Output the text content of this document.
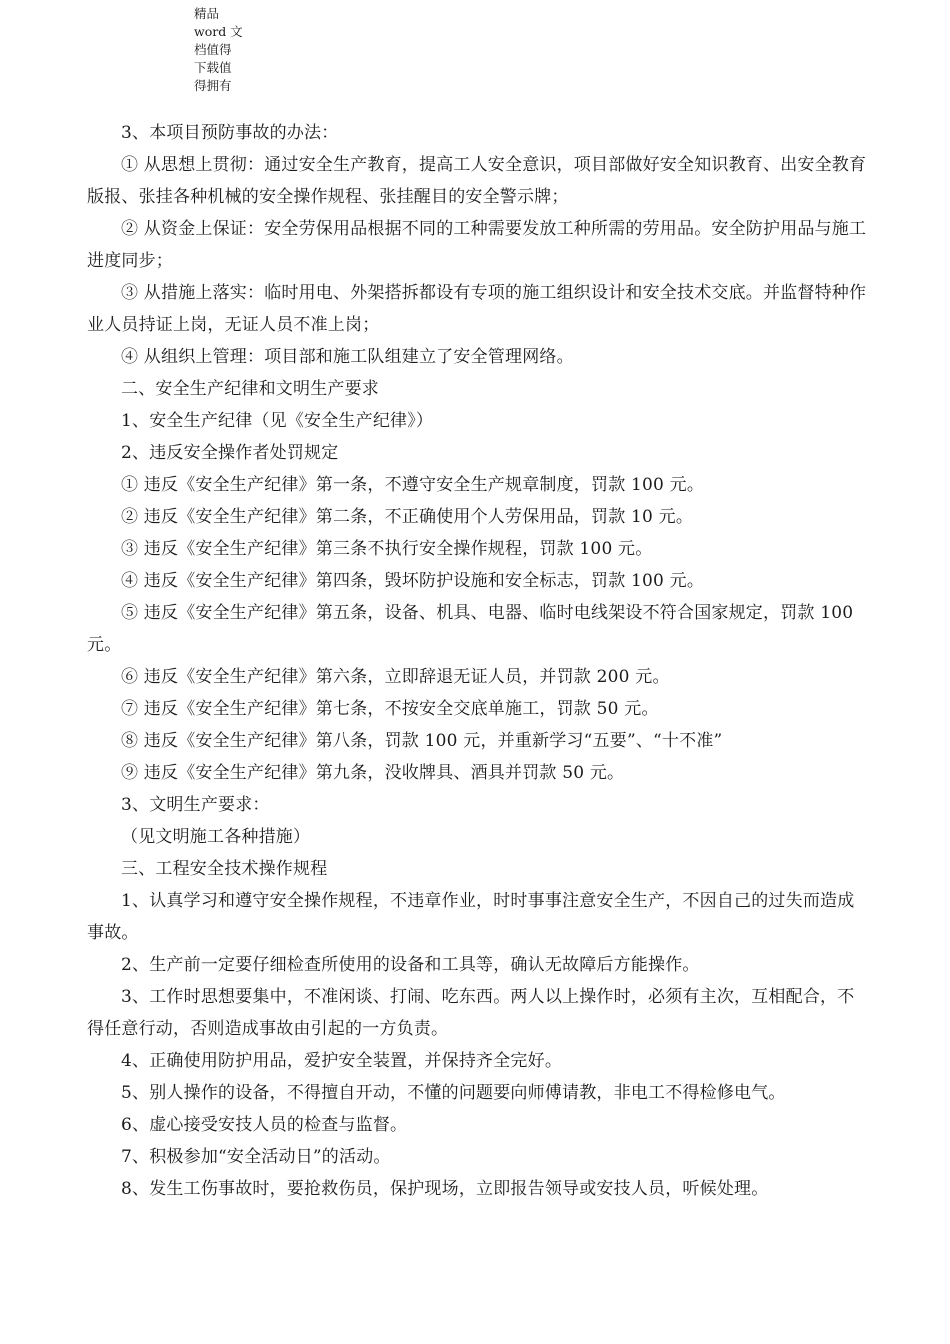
精品
word 文
档值得
下载值
得拥有

3、本项目预防事故的办法：

① 从思想上贯彻：通过安全生产教育，提高工人安全意识，项目部做好安全知识教育、出安全教育版报、张挂各种机械的安全操作规程、张挂醒目的安全警示牌；

② 从资金上保证：安全劳保用品根据不同的工种需要发放工种所需的劳用品。安全防护用品与施工进度同步；

③ 从措施上落实：临时用电、外架搭拆都设有专项的施工组织设计和安全技术交底。并监督特种作业人员持证上岗，无证人员不准上岗；

④ 从组织上管理：项目部和施工队组建立了安全管理网络。

二、安全生产纪律和文明生产要求

1、安全生产纪律（见《安全生产纪律》）

2、违反安全操作者处罚规定

① 违反《安全生产纪律》第一条，不遵守安全生产规章制度，罚款 100 元。

② 违反《安全生产纪律》第二条，不正确使用个人劳保用品，罚款 10 元。

③ 违反《安全生产纪律》第三条不执行安全操作规程，罚款 100 元。

④ 违反《安全生产纪律》第四条，毁坏防护设施和安全标志，罚款 100 元。

⑤ 违反《安全生产纪律》第五条，设备、机具、电器、临时电线架设不符合国家规定，罚款 100 元。

⑥ 违反《安全生产纪律》第六条，立即辞退无证人员，并罚款 200 元。

⑦ 违反《安全生产纪律》第七条，不按安全交底单施工，罚款 50 元。

⑧ 违反《安全生产纪律》第八条，罚款 100 元，并重新学习“五要”、“十不准”

⑨ 违反《安全生产纪律》第九条，没收牌具、酒具并罚款 50 元。

3、文明生产要求：

（见文明施工各种措施）

三、工程安全技术操作规程

1、认真学习和遵守安全操作规程，不违章作业，时时事事注意安全生产，不因自己的过失而造成事故。

2、生产前一定要仔细检查所使用的设备和工具等，确认无故障后方能操作。

3、工作时思想要集中，不准闲谈、打闹、吃东西。两人以上操作时，必须有主次，互相配合，不得任意行动，否则造成事故由引起的一方负责。

4、正确使用防护用品，爱护安全装置，并保持齐全完好。

5、别人操作的设备，不得擅自开动，不懂的问题要向师傅请教，非电工不得检修电气。

6、虚心接受安技人员的检查与监督。

7、积极参加“安全活动日”的活动。

8、发生工伤事故时，要抢救伤员，保护现场，立即报告领导或安技人员，听候处理。
